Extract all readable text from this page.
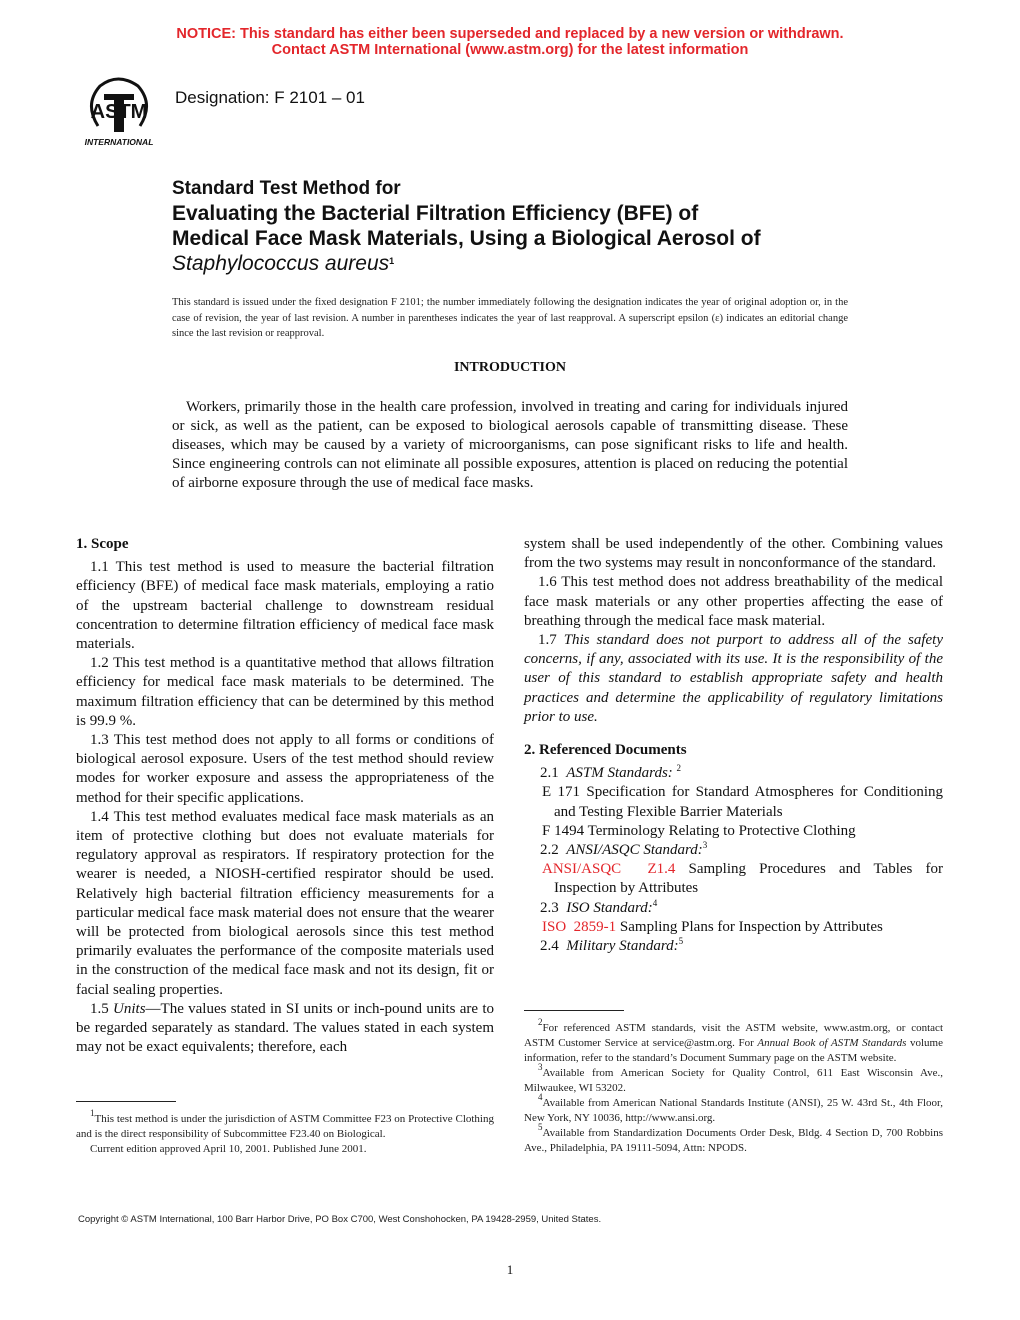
NOTICE: This standard has either been superseded and replaced by a new version or withdrawn.
Contact ASTM International (www.astm.org) for the latest information
ASTM
INTERNATIONAL
Designation: F 2101 – 01
Standard Test Method for
Evaluating the Bacterial Filtration Efficiency (BFE) of
Medical Face Mask Materials, Using a Biological Aerosol of
Staphylococcus aureus$^1$
This standard is issued under the fixed designation F 2101; the number immediately following the designation indicates the year of original adoption or, in the case of revision, the year of last revision. A number in parentheses indicates the year of last reapproval. A superscript epsilon (ε) indicates an editorial change since the last revision or reapproval.
INTRODUCTION
Workers, primarily those in the health care profession, involved in treating and caring for individuals injured or sick, as well as the patient, can be exposed to biological aerosols capable of transmitting disease. These diseases, which may be caused by a variety of microorganisms, can pose significant risks to life and health. Since engineering controls can not eliminate all possible exposures, attention is placed on reducing the potential of airborne exposure through the use of medical face masks.
1. Scope

1.1 This test method is used to measure the bacterial filtration efficiency (BFE) of medical face mask materials, employing a ratio of the upstream bacterial challenge to downstream residual concentration to determine filtration efficiency of medical face mask materials.

1.2 This test method is a quantitative method that allows filtration efficiency for medical face mask materials to be determined. The maximum filtration efficiency that can be determined by this method is 99.9 %.

1.3 This test method does not apply to all forms or conditions of biological aerosol exposure. Users of the test method should review modes for worker exposure and assess the appropriateness of the method for their specific applications.

1.4 This test method evaluates medical face mask materials as an item of protective clothing but does not evaluate materials for regulatory approval as respirators. If respiratory protection for the wearer is needed, a NIOSH-certified respirator should be used. Relatively high bacterial filtration efficiency measurements for a particular medical face mask material does not ensure that the wearer will be protected from biological aerosols since this test method primarily evaluates the performance of the composite materials used in the construction of the medical face mask and not its design, fit or facial sealing properties.

1.5 Units—The values stated in SI units or inch-pound units are to be regarded separately as standard. The values stated in each system may not be exact equivalents; therefore, each

system shall be used independently of the other. Combining values from the two systems may result in nonconformance of the standard.

1.6 This test method does not address breathability of the medical face mask materials or any other properties affecting the ease of breathing through the medical face mask material.

1.7 This standard does not purport to address all of the safety concerns, if any, associated with its use. It is the responsibility of the user of this standard to establish appropriate safety and health practices and determine the applicability of regulatory limitations prior to use.

2. Referenced Documents

2.1 ASTM Standards: $^2$

E 171 Specification for Standard Atmospheres for Conditioning and Testing Flexible Barrier Materials

F 1494 Terminology Relating to Protective Clothing

2.2 ANSI/ASQC Standard:$^3$

ANSI/ASQC Z1.4 Sampling Procedures and Tables for Inspection by Attributes

2.3 ISO Standard:$^4$

ISO 2859-1 Sampling Plans for Inspection by Attributes

2.4 Military Standard:$^5$

$^1$This test method is under the jurisdiction of ASTM Committee F23 on Protective Clothing and is the direct responsibility of Subcommittee F23.40 on Biological.

Current edition approved April 10, 2001. Published June 2001.

$^2$For referenced ASTM standards, visit the ASTM website, www.astm.org, or contact ASTM Customer Service at service@astm.org. For Annual Book of ASTM Standards volume information, refer to the standard’s Document Summary page on the ASTM website.

$^3$Available from American Society for Quality Control, 611 East Wisconsin Ave., Milwaukee, WI 53202.

$^4$Available from American National Standards Institute (ANSI), 25 W. 43rd St., 4th Floor, New York, NY 10036, http://www.ansi.org.

$^5$Available from Standardization Documents Order Desk, Bldg. 4 Section D, 700 Robbins Ave., Philadelphia, PA 19111-5094, Attn: NPODS.

Copyright © ASTM International, 100 Barr Harbor Drive, PO Box C700, West Conshohocken, PA 19428-2959, United States.
1
